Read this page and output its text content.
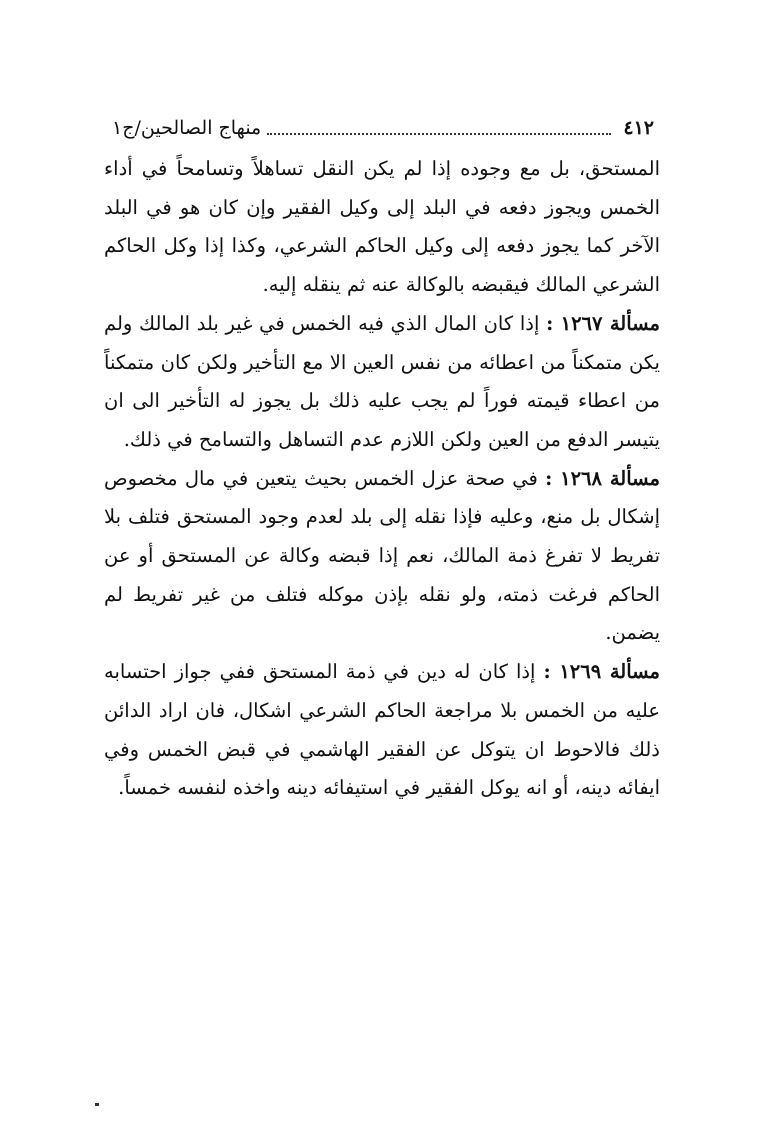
٤١٢
منهاج الصالحين/ج١

المستحق، بل مع وجوده إذا لم يكن النقل تساهلاً وتسامحاً في أداء الخمس ويجوز دفعه في البلد إلى وكيل الفقير وإن كان هو في البلد الآخر كما يجوز دفعه إلى وكيل الحاكم الشرعي، وكذا إذا وكل الحاكم الشرعي المالك فيقبضه بالوكالة عنه ثم ينقله إليه.

مسألة ١٢٦٧ : إذا كان المال الذي فيه الخمس في غير بلد المالك ولم يكن متمكناً من اعطائه من نفس العين الا مع التأخير ولكن كان متمكناً من اعطاء قيمته فوراً لم يجب عليه ذلك بل يجوز له التأخير الى ان يتيسر الدفع من العين ولكن اللازم عدم التساهل والتسامح في ذلك.

مسألة ١٢٦٨ : في صحة عزل الخمس بحيث يتعين في مال مخصوص إشكال بل منع، وعليه فإذا نقله إلى بلد لعدم وجود المستحق فتلف بلا تفريط لا تفرغ ذمة المالك، نعم إذا قبضه وكالة عن المستحق أو عن الحاكم فرغت ذمته، ولو نقله بإذن موكله فتلف من غير تفريط لم يضمن.

مسألة ١٢٦٩ : إذا كان له دين في ذمة المستحق ففي جواز احتسابه عليه من الخمس بلا مراجعة الحاكم الشرعي اشكال، فان اراد الدائن ذلك فالاحوط ان يتوكل عن الفقير الهاشمي في قبض الخمس وفي ايفائه دينه، أو انه يوكل الفقير في استيفائه دينه واخذه لنفسه خمساً.
